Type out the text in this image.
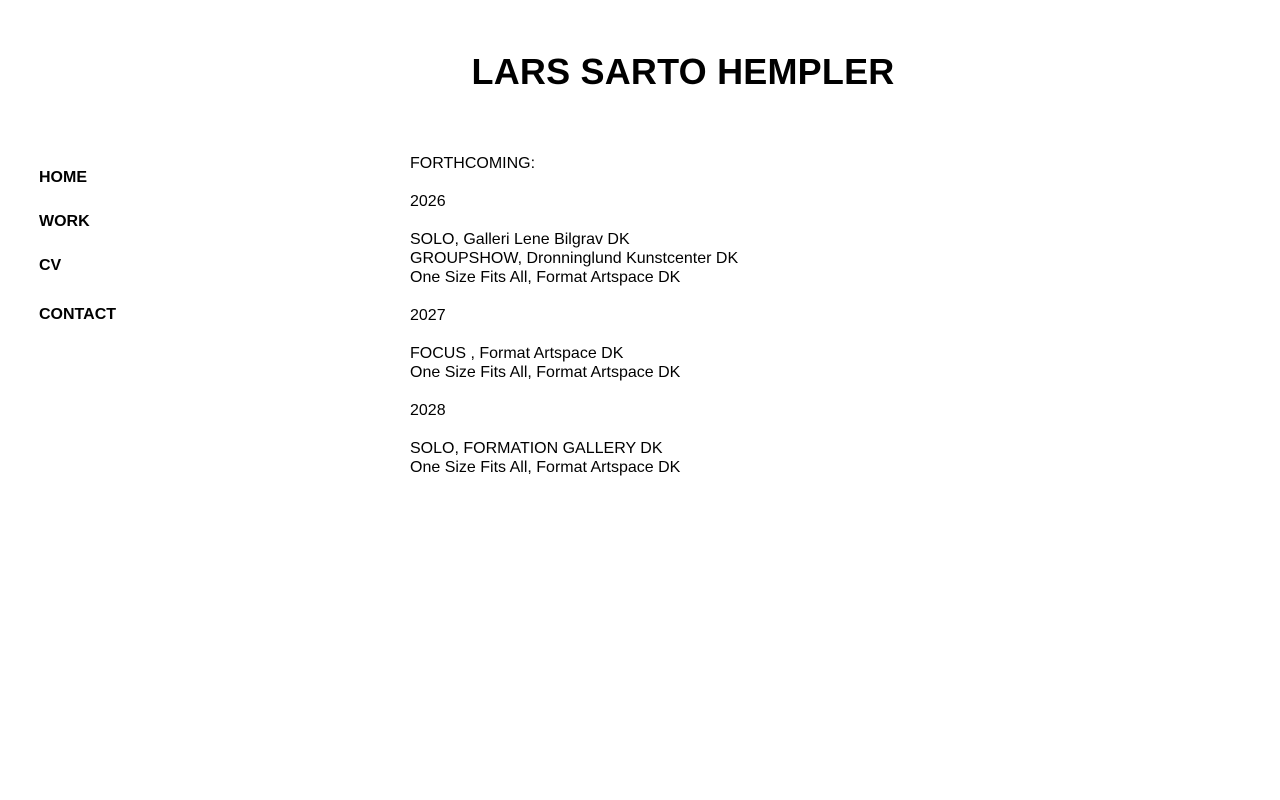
LARS SARTO HEMPLER
HOME
WORK
CV
CONTACT

FORTHCOMING:

2026

SOLO, Galleri Lene Bilgrav DK
GROUPSHOW, Dronninglund Kunstcenter DK
One Size Fits All, Format Artspace DK

2027

FOCUS , Format Artspace DK
One Size Fits All, Format Artspace DK

2028

SOLO, FORMATION GALLERY DK
One Size Fits All, Format Artspace DK
